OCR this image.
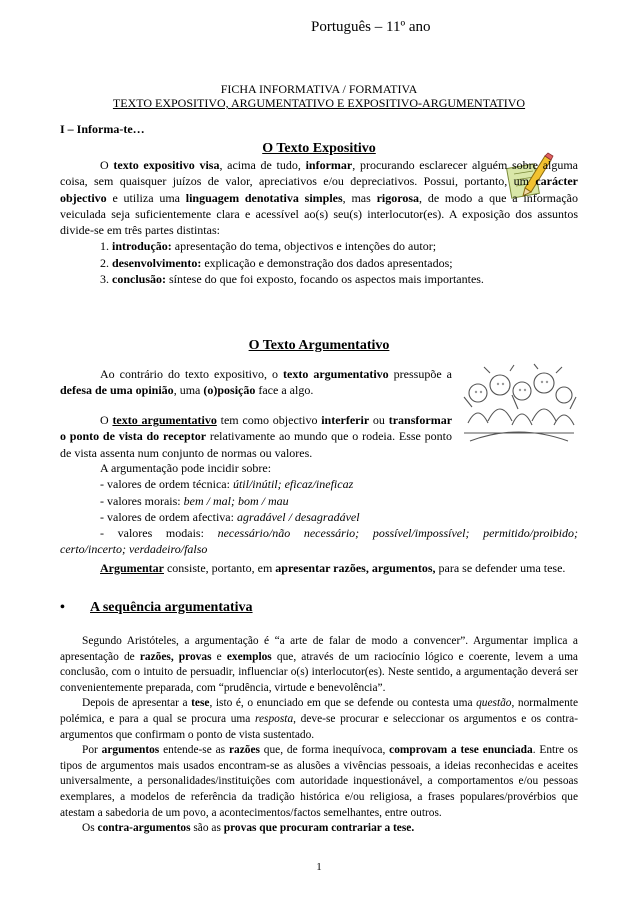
Português – 11º ano
FICHA INFORMATIVA / FORMATIVA
TEXTO EXPOSITIVO, ARGUMENTATIVO E EXPOSITIVO-ARGUMENTATIVO
I – Informa-te…
O Texto Expositivo

O texto expositivo visa, acima de tudo, informar, procurando esclarecer alguém sobre alguma coisa, sem quaisquer juízos de valor, apreciativos e/ou depreciativos. Possui, portanto, um carácter objectivo e utiliza uma linguagem denotativa simples, mas rigorosa, de modo a que a informação veiculada seja suficientemente clara e acessível ao(s) seu(s) interlocutor(es). A exposição dos assuntos divide-se em três partes distintas:

1. introdução: apresentação do tema, objectivos e intenções do autor;

2. desenvolvimento: explicação e demonstração dos dados apresentados;

3. conclusão: síntese do que foi exposto, focando os aspectos mais importantes.

O Texto Argumentativo

Ao contrário do texto expositivo, o texto argumentativo pressupõe a defesa de uma opinião, uma (o)posição face a algo.

O texto argumentativo tem como objectivo interferir ou transformar o ponto de vista do receptor relativamente ao mundo que o rodeia. Esse ponto de vista assenta num conjunto de normas ou valores.

A argumentação pode incidir sobre:

- valores de ordem técnica: útil/inútil; eficaz/ineficaz

- valores morais: bem / mal; bom / mau

- valores de ordem afectiva: agradável / desagradável

- valores modais: necessário/não necessário; possível/impossível; permitido/proibido; certo/incerto; verdadeiro/falso

Argumentar consiste, portanto, em apresentar razões, argumentos, para se defender uma tese.

• A sequência argumentativa

Segundo Aristóteles, a argumentação é “a arte de falar de modo a convencer”. Argumentar implica a apresentação de razões, provas e exemplos que, através de um raciocínio lógico e coerente, levem a uma conclusão, com o intuito de persuadir, influenciar o(s) interlocutor(es). Neste sentido, a argumentação deverá ser convenientemente preparada, com “prudência, virtude e benevolência”.

Depois de apresentar a tese, isto é, o enunciado em que se defende ou contesta uma questão, normalmente polémica, e para a qual se procura uma resposta, deve-se procurar e seleccionar os argumentos e os contra-argumentos que confirmam o ponto de vista sustentado.

Por argumentos entende-se as razões que, de forma inequívoca, comprovam a tese enunciada. Entre os tipos de argumentos mais usados encontram-se as alusões a vivências pessoais, a ideias reconhecidas e aceites universalmente, a personalidades/instituições com autoridade inquestionável, a comportamentos e/ou pessoas exemplares, a modelos de referência da tradição histórica e/ou religiosa, a frases populares/provérbios que atestam a sabedoria de um povo, a acontecimentos/factos semelhantes, entre outros.

Os contra-argumentos são as provas que procuram contrariar a tese.

1
